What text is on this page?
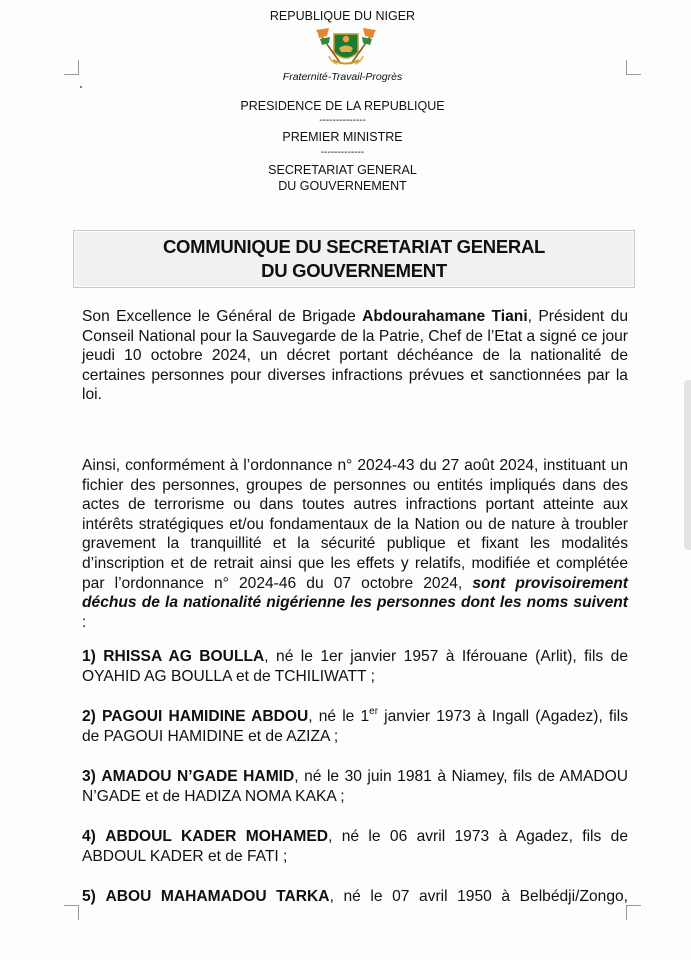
REPUBLIQUE DU NIGER
Fraternité-Travail-Progrès
PRESIDENCE DE LA REPUBLIQUE
--------------
PREMIER MINISTRE
-------------
SECRETARIAT GENERAL
DU GOUVERNEMENT
COMMUNIQUE DU SECRETARIAT GENERAL
DU GOUVERNEMENT

Son Excellence le Général de Brigade Abdourahamane Tiani, Président du Conseil National pour la Sauvegarde de la Patrie, Chef de l’Etat a signé ce jour jeudi 10 octobre 2024, un décret portant déchéance de la nationalité de certaines personnes pour diverses infractions prévues et sanctionnées par la loi.

Ainsi, conformément à l’ordonnance n° 2024-43 du 27 août 2024, instituant un fichier des personnes, groupes de personnes ou entités impliqués dans des actes de terrorisme ou dans toutes autres infractions portant atteinte aux intérêts stratégiques et/ou fondamentaux de la Nation ou de nature à troubler gravement la tranquillité et la sécurité publique et fixant les modalités d’inscription et de retrait ainsi que les effets y relatifs, modifiée et complétée par l’ordonnance n° 2024-46 du 07 octobre 2024, sont provisoirement déchus de la nationalité nigérienne les personnes dont les noms suivent :

1) RHISSA AG BOULLA, né le 1er janvier 1957 à Iférouane (Arlit), fils de OYAHID AG BOULLA et de TCHILIWATT ;
2) PAGOUI HAMIDINE ABDOU, né le 1er janvier 1973 à Ingall (Agadez), fils de PAGOUI HAMIDINE et de AZIZA ;
3) AMADOU N’GADE HAMID, né le 30 juin 1981 à Niamey, fils de AMADOU N’GADE et de HADIZA NOMA KAKA ;
4) ABDOUL KADER MOHAMED, né le 06 avril 1973 à Agadez, fils de ABDOUL KADER et de FATI ;
5) ABOU MAHAMADOU TARKA, né le 07 avril 1950 à Belbédji/Zongo,
